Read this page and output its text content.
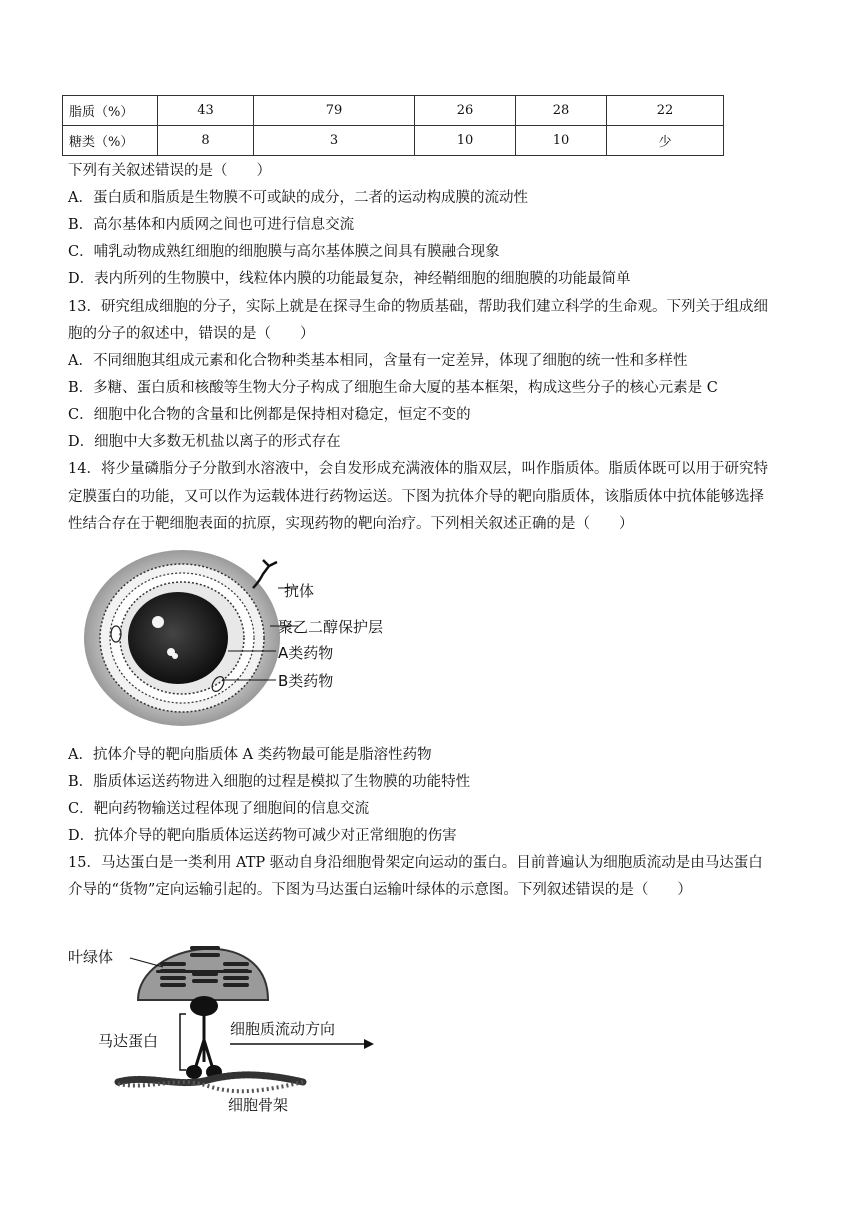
脂质（%）	43	79	26	28	22
糖类（%）	8	3	10	10	少
下列有关叙述错误的是（　　）
A．蛋白质和脂质是生物膜不可或缺的成分，二者的运动构成膜的流动性
B．高尔基体和内质网之间也可进行信息交流
C．哺乳动物成熟红细胞的细胞膜与高尔基体膜之间具有膜融合现象
D．表内所列的生物膜中，线粒体内膜的功能最复杂，神经鞘细胞的细胞膜的功能最简单
13．研究组成细胞的分子，实际上就是在探寻生命的物质基础，帮助我们建立科学的生命观。下列关于组成细
胞的分子的叙述中，错误的是（　　）
A．不同细胞其组成元素和化合物种类基本相同，含量有一定差异，体现了细胞的统一性和多样性
B．多糖、蛋白质和核酸等生物大分子构成了细胞生命大厦的基本框架，构成这些分子的核心元素是 C
C．细胞中化合物的含量和比例都是保持相对稳定，恒定不变的
D．细胞中大多数无机盐以离子的形式存在
14．将少量磷脂分子分散到水溶液中，会自发形成充满液体的脂双层，叫作脂质体。脂质体既可以用于研究特
定膜蛋白的功能，又可以作为运载体进行药物运送。下图为抗体介导的靶向脂质体，该脂质体中抗体能够选择
性结合存在于靶细胞表面的抗原，实现药物的靶向治疗。下列相关叙述正确的是（　　）
抗体
聚乙二醇保护层
A类药物
B类药物
A．抗体介导的靶向脂质体 A 类药物最可能是脂溶性药物
B．脂质体运送药物进入细胞的过程是模拟了生物膜的功能特性
C．靶向药物输送过程体现了细胞间的信息交流
D．抗体介导的靶向脂质体运送药物可减少对正常细胞的伤害
15．马达蛋白是一类利用 ATP 驱动自身沿细胞骨架定向运动的蛋白。目前普遍认为细胞质流动是由马达蛋白
介导的“货物”定向运输引起的。下图为马达蛋白运输叶绿体的示意图。下列叙述错误的是（　　）
叶绿体
马达蛋白
细胞质流动方向
细胞骨架
